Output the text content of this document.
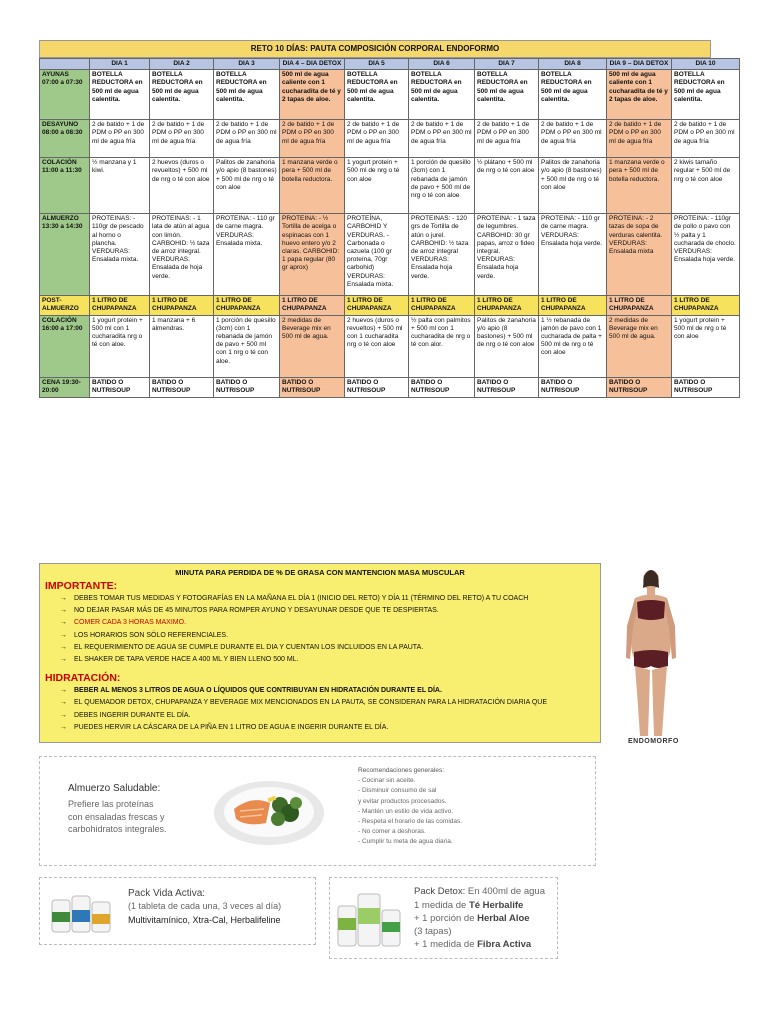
RETO 10 DÍAS: PAUTA COMPOSICIÓN CORPORAL ENDOFORMO
	DIA 1	DIA 2	DIA 3	DIA 4 – DIA DETOX	DIA 5	DIA 6	DIA 7	DIA 8	DIA 9 – DIA DETOX	DIA 10
AYUNAS 07:00 a 07:30	BOTELLA REDUCTORA en 500 ml de agua calentita.	BOTELLA REDUCTORA en 500 ml de agua calentita.	BOTELLA REDUCTORA en 500 ml de agua calentita.	500 ml de agua caliente con 1 cucharadita de té y 2 tapas de aloe.	BOTELLA REDUCTORA en 500 ml de agua calentita.	BOTELLA REDUCTORA en 500 ml de agua calentita.	BOTELLA REDUCTORA en 500 ml de agua calentita.	BOTELLA REDUCTORA en 500 ml de agua calentita.	500 ml de agua caliente con 1 cucharadita de té y 2 tapas de aloe.	BOTELLA REDUCTORA en 500 ml de agua calentita.
DESAYUNO 08:00 a 08:30	2 de batido + 1 de PDM o PP en 300 ml de agua fría	2 de batido + 1 de PDM o PP en 300 ml de agua fría	2 de batido + 1 de PDM o PP en 300 ml de agua fría	2 de batido + 1 de PDM o PP en 300 ml de agua fría	2 de batido + 1 de PDM o PP en 300 ml de agua fría	2 de batido + 1 de PDM o PP en 300 ml de agua fría	2 de batido + 1 de PDM o PP en 300 ml de agua fría	2 de batido + 1 de PDM o PP en 300 ml de agua fría	2 de batido + 1 de PDM o PP en 300 ml de agua fría	2 de batido + 1 de PDM o PP en 300 ml de agua fría
COLACIÓN 11:00 a 11:30	½ manzana y 1 kiwi.	2 huevos (duros o revueltos) + 500 ml de nrg o té con aloe	Palitos de zanahoria y/o apio (8 bastones) + 500 ml de nrg o té con aloe	1 manzana verde o pera + 500 ml de botella reductora.	1 yogurt protein + 500 ml de nrg o té con aloe	1 porción de quesillo (3cm) con 1 rebanada de jamón de pavo + 500 ml de nrg o té con aloe	½ plátano + 500 ml de nrg o té con aloe	Palitos de zanahoria y/o apio (8 bastones) + 500 ml de nrg o té con aloe	1 manzana verde o pera + 500 ml de botella reductora.	2 kiwis tamaño regular + 500 ml de nrg o té con aloe
ALMUERZO 13:30 a 14:30	PROTEINAS: - 110gr de pescado al horno o plancha. VERDURAS: Ensalada mixta.	PROTEINAS: - 1 lata de atún al agua con limón. CARBOHID: ½ taza de arroz integral. VERDURAS: Ensalada de hoja verde.	PROTEINA: - 110 gr de carne magra. VERDURAS: Ensalada mixta.	PROTEINA: - ½ Tortilla de acelga o espinacas con 1 huevo entero y/o 2 claras. CARBOHID: 1 papa regular (80 gr aprox)	PROTEÍNA, CARBOHID Y VERDURAS. - Carbonada o cazuela (100 gr proteína, 70gr carbohid) VERDURAS: Ensalada mixta.	PROTEINAS: - 120 grs de Tortilla de atún o jurel. CARBOHID: ½ taza de arroz integral VERDURAS: Ensalada hoja verde.	PROTEINA: - 1 taza de legumbres. CARBOHID: 30 gr papas, arroz o fideo integral. VERDURAS: Ensalada hoja verde.	PROTEINA: - 110 gr de carne magra. VERDURAS: Ensalada hoja verde.	PROTEINA: - 2 tazas de sopa de verduras calentita. VERDURAS: Ensalada mixta	PROTEINA: - 110gr de pollo o pavo con ½ palta y 1 cucharada de choclo. VERDURAS: Ensalada hoja verde.
POST-ALMUERZO	1 LITRO DE CHUPAPANZA	1 LITRO DE CHUPAPANZA	1 LITRO DE CHUPAPANZA	1 LITRO DE CHUPAPANZA	1 LITRO DE CHUPAPANZA	1 LITRO DE CHUPAPANZA	1 LITRO DE CHUPAPANZA	1 LITRO DE CHUPAPANZA	1 LITRO DE CHUPAPANZA	1 LITRO DE CHUPAPANZA
COLACIÓN 16:00 a 17:00	1 yogurt protein + 500 ml con 1 cucharadita nrg o té con aloe.	1 manzana + 6 almendras.	1 porción de quesillo (3cm) con 1 rebanada de jamón de pavo + 500 ml con 1 nrg o té con aloe.	2 medidas de Beverage mix en 500 ml de agua.	2 huevos (duros o revueltos) + 500 ml con 1 cucharadita nrg o té con aloe	½ palta con palmitos + 500 ml con 1 cucharadita de nrg o té con alor.	Palitos de zanahoria y/o apio (8 bastones) + 500 ml de nrg o té con aloe	1 ½ rebanada de jamón de pavo con 1 cucharada de palta + 500 ml de nrg o té con aloe	2 medidas de Beverage mix en 500 ml de agua.	1 yogurt protein + 500 ml de nrg o té con aloe
CENA 19:30- 20:00	BATIDO O NUTRISOUP	BATIDO O NUTRISOUP	BATIDO O NUTRISOUP	BATIDO O NUTRISOUP	BATIDO O NUTRISOUP	BATIDO O NUTRISOUP	BATIDO O NUTRISOUP	BATIDO O NUTRISOUP	BATIDO O NUTRISOUP	BATIDO O NUTRISOUP
MINUTA PARA PERDIDA DE % DE GRASA CON MANTENCION MASA MUSCULAR
IMPORTANTE:
→ DEBES TOMAR TUS MEDIDAS Y FOTOGRAFÍAS EN LA MAÑANA EL DÍA 1 (INICIO DEL RETO) Y DÍA 11 (TÉRMINO DEL RETO) A TU COACH
→ NO DEJAR PASAR MÁS DE 45 MINUTOS PARA ROMPER AYUNO Y DESAYUNAR DESDE QUE TE DESPIERTAS.
→ COMER CADA 3 HORAS MAXIMO.
→ LOS HORARIOS SON SÓLO REFERENCIALES.
→ EL REQUERIMIENTO DE AGUA SE CUMPLE DURANTE EL DIA Y CUENTAN LOS INCLUIDOS EN LA PAUTA.
→ EL SHAKER DE TAPA VERDE HACE A 400 ML Y BIEN LLENO 500 ML.
HIDRATACIÓN:
→ BEBER AL MENOS 3 LITROS DE AGUA O LÍQUIDOS QUE CONTRIBUYAN EN HIDRATACIÓN DURANTE EL DÍA.
→ EL QUEMADOR DETOX, CHUPAPANZA Y BEVERAGE MIX MENCIONADOS EN LA PAUTA, SE CONSIDERAN PARA LA HIDRATACIÓN DIARIA QUE
→ DEBES INGERIR DURANTE EL DÍA.
→ PUEDES HERVIR LA CÁSCARA DE LA PIÑA EN 1 LITRO DE AGUA E INGERIR DURANTE EL DÍA.
ENDOMORFO
Almuerzo Saludable:
Prefiere las proteínas
con ensaladas frescas y
carbohidratos integrales.
Recomendaciones generales:
- Cocinar sin aceite.
- Disminuir consumo de sal
y evitar productos procesados.
- Mantén un estilo de vida activo.
- Respeta el horario de las comidas.
- No comer a deshoras.
- Cumplir tu meta de agua diaria.
Pack Vida Activa:
(1 tableta de cada una, 3 veces al día)
Multivitamínico, Xtra-Cal, Herbalifeline
Pack Detox: En 400ml de agua
1 medida de Té Herbalife
+ 1 porción de Herbal Aloe
(3 tapas)
+ 1 medida de Fibra Activa
